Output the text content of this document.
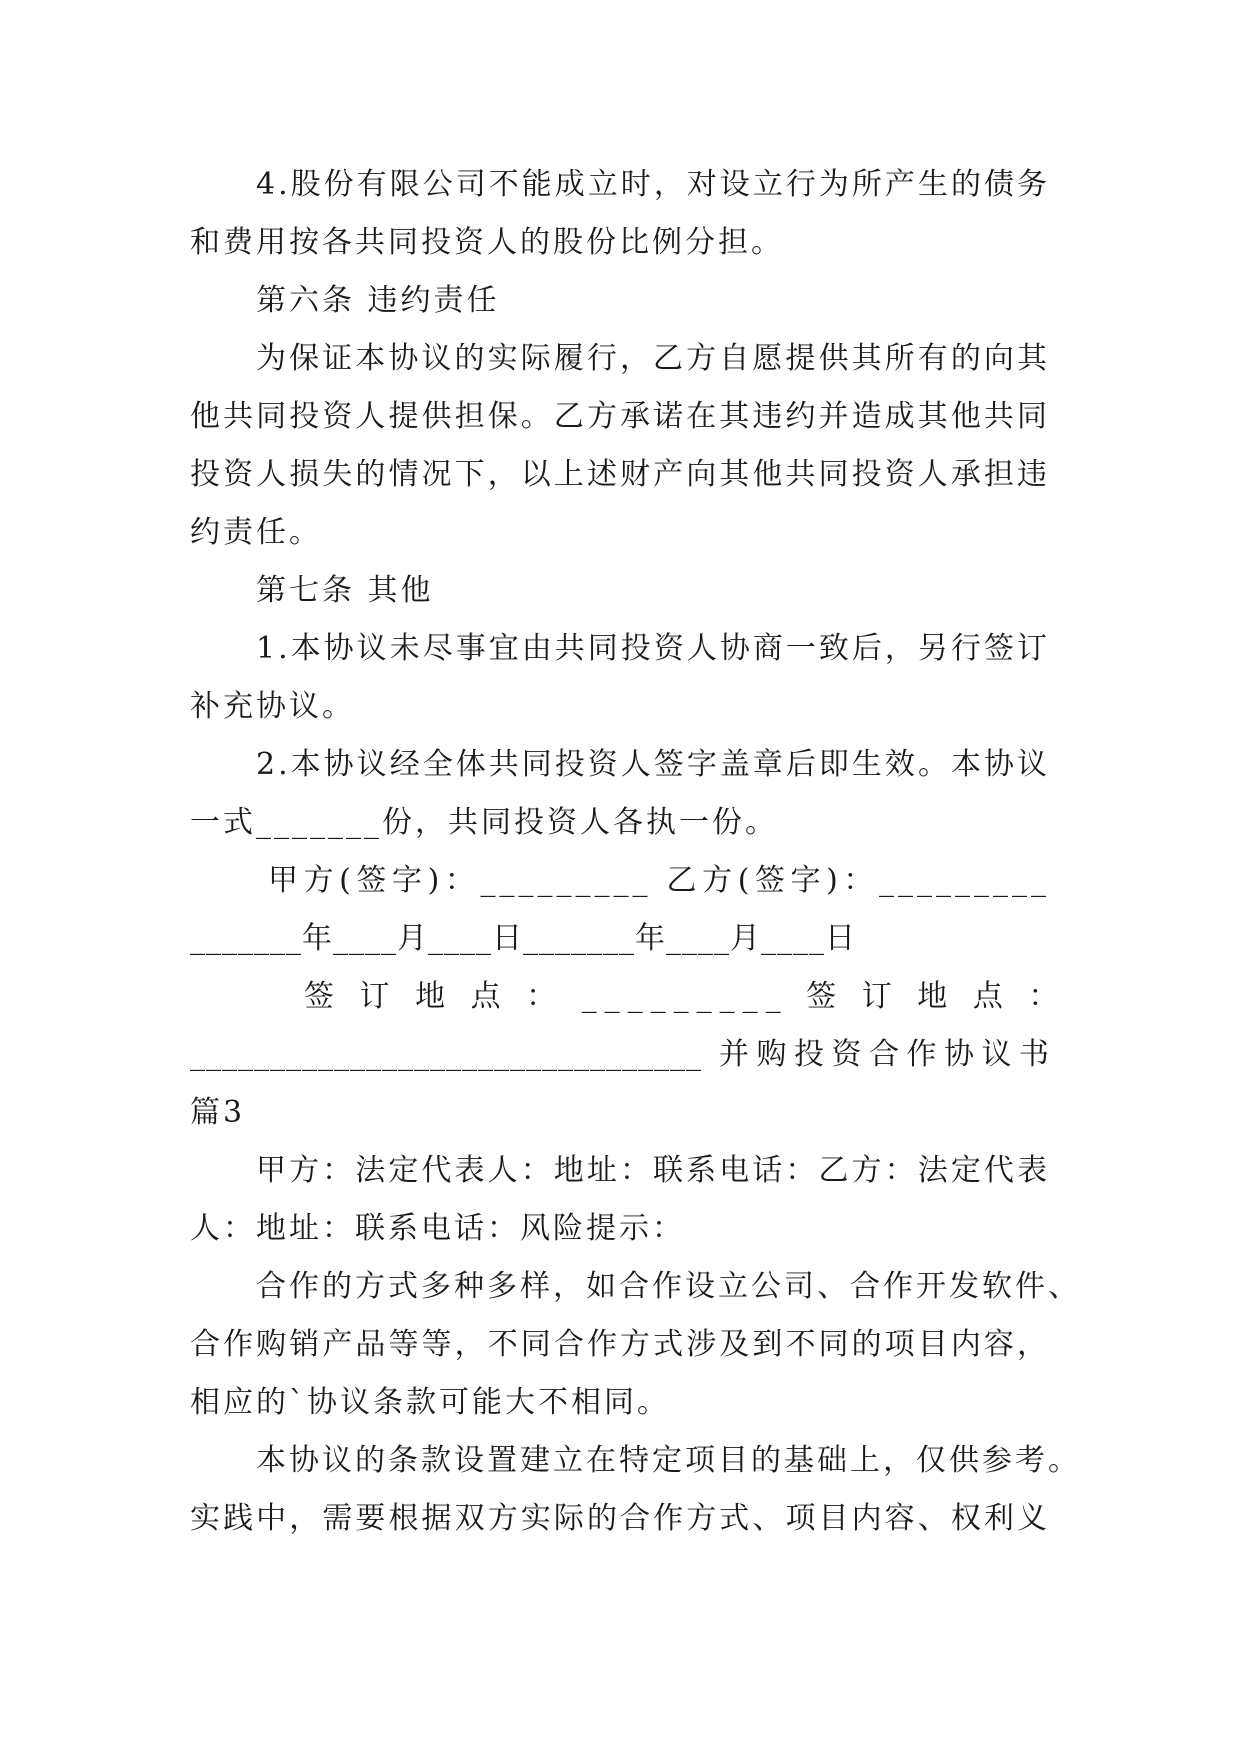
4.股份有限公司不能成立时，对设立行为所产生的债务
和费用按各共同投资人的股份比例分担。
第六条 违约责任
为保证本协议的实际履行，乙方自愿提供其所有的向其
他共同投资人提供担保。乙方承诺在其违约并造成其他共同
投资人损失的情况下，以上述财产向其他共同投资人承担违
约责任。
第七条 其他
1.本协议未尽事宜由共同投资人协商一致后，另行签订
补充协议。
2.本协议经全体共同投资人签字盖章后即生效。本协议
一式_______份，共同投资人各执一份。
甲方(签字)：_________ 乙方(签字)：_________
_______年____月____日_______年____月____日
签 订 地 点 ： _________ 签 订 地 点 ：
________________________________ 并购投资合作协议书
篇3
甲方：法定代表人：地址：联系电话：乙方：法定代表
人：地址：联系电话：风险提示：
合作的方式多种多样，如合作设立公司、合作开发软件、
合作购销产品等等，不同合作方式涉及到不同的项目内容，
相应的`协议条款可能大不相同。
本协议的条款设置建立在特定项目的基础上，仅供参考。
实践中，需要根据双方实际的合作方式、项目内容、权利义
